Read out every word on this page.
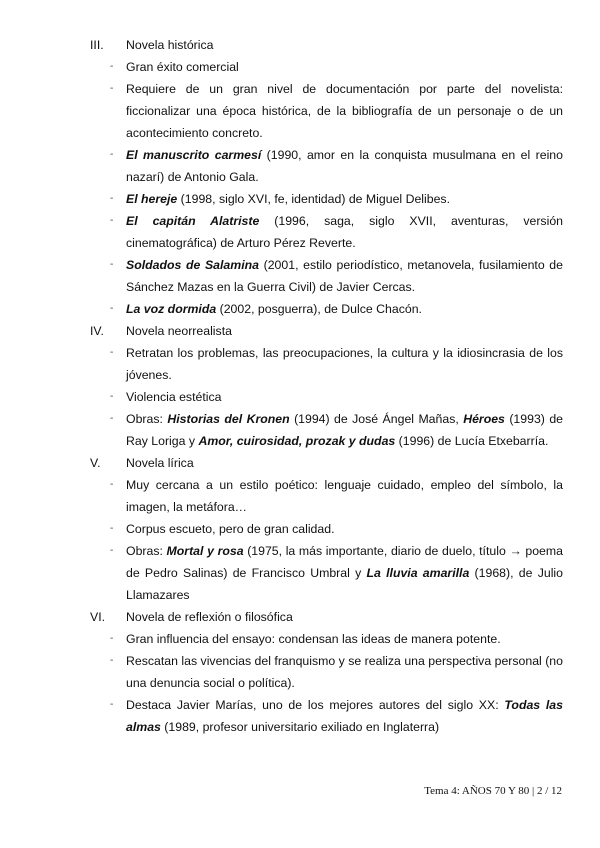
III. Novela histórica
- Gran éxito comercial
- Requiere de un gran nivel de documentación por parte del novelista: ficcionalizar una época histórica, de la bibliografía de un personaje o de un acontecimiento concreto.
- El manuscrito carmesí (1990, amor en la conquista musulmana en el reino nazarí) de Antonio Gala.
- El hereje (1998, siglo XVI, fe, identidad) de Miguel Delibes.
- El capitán Alatriste (1996, saga, siglo XVII, aventuras, versión cinematográfica) de Arturo Pérez Reverte.
- Soldados de Salamina (2001, estilo periodístico, metanovela, fusilamiento de Sánchez Mazas en la Guerra Civil) de Javier Cercas.
- La voz dormida (2002, posguerra), de Dulce Chacón.
IV. Novela neorrealista
- Retratan los problemas, las preocupaciones, la cultura y la idiosincrasia de los jóvenes.
- Violencia estética
- Obras: Historias del Kronen (1994) de José Ángel Mañas, Héroes (1993) de Ray Loriga y Amor, cuirosidad, prozak y dudas (1996) de Lucía Etxebarría.
V. Novela lírica
- Muy cercana a un estilo poético: lenguaje cuidado, empleo del símbolo, la imagen, la metáfora…
- Corpus escueto, pero de gran calidad.
- Obras: Mortal y rosa (1975, la más importante, diario de duelo, título → poema de Pedro Salinas) de Francisco Umbral y La lluvia amarilla (1968), de Julio Llamazares
VI. Novela de reflexión o filosófica
- Gran influencia del ensayo: condensan las ideas de manera potente.
- Rescatan las vivencias del franquismo y se realiza una perspectiva personal (no una denuncia social o política).
- Destaca Javier Marías, uno de los mejores autores del siglo XX: Todas las almas (1989, profesor universitario exiliado en Inglaterra)
Tema 4: AÑOS 70 Y 80 | 2 / 12
